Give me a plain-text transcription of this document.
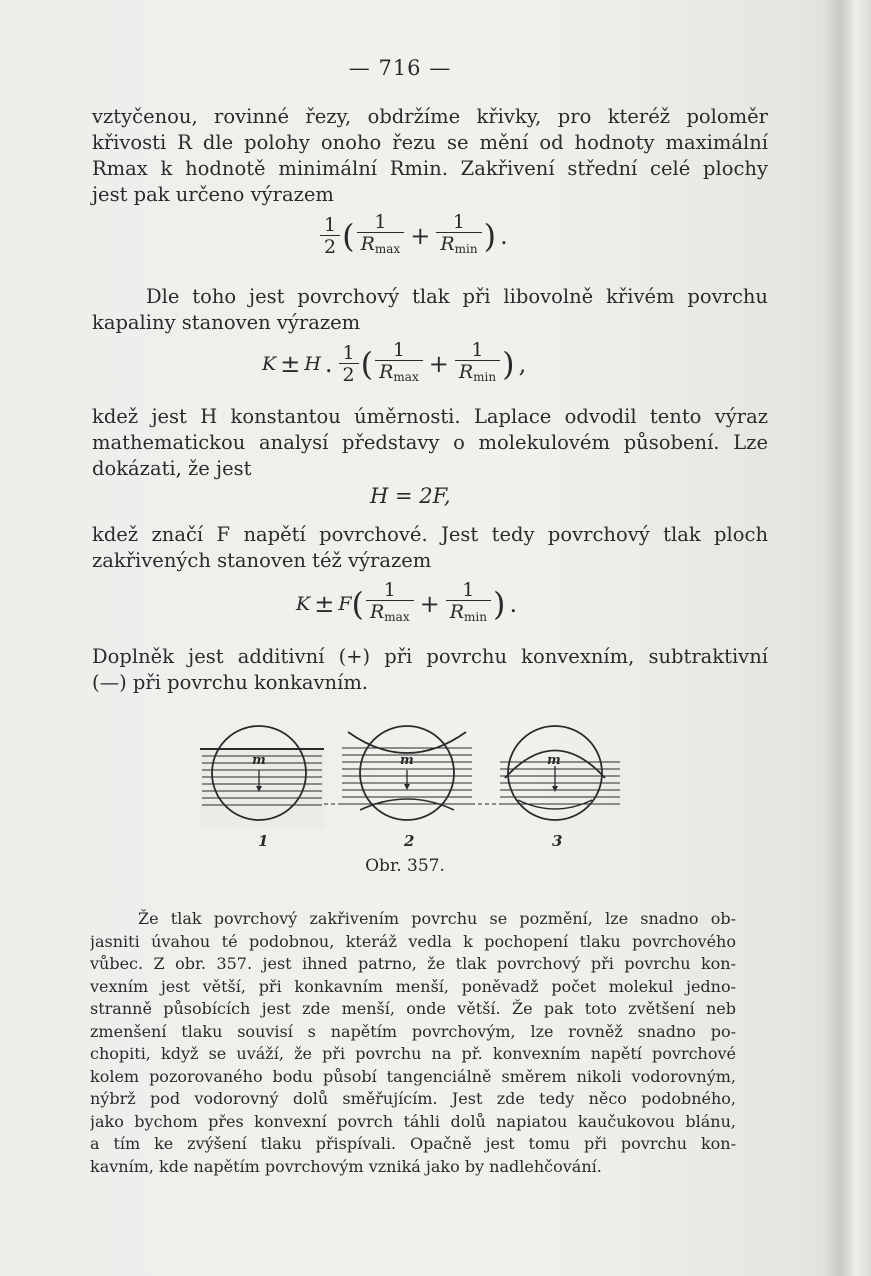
— 716 —
vztyčenou, rovinné řezy, obdržíme křivky, pro kteréž poloměr
křivosti R dle polohy onoho řezu se mění od hodnoty maximální
Rmax k hodnotě minimální Rmin. Zakřivení střední celé plochy
jest pak určeno výrazem
$\frac{1}{2}$ ( $\frac{1}{R_{max}} + \frac{1}{R_{min}}$ ) .
Dle toho jest povrchový tlak při libovolně křivém povrchu
kapaliny stanoven výrazem
K ± H . $\frac{1}{2}$ ( $\frac{1}{R_{max}} + \frac{1}{R_{min}}$ ) ,
kdež jest H konstantou úměrnosti. Laplace odvodil tento výraz
mathematickou analysí představy o molekulovém působení. Lze
dokázati, že jest
H = 2F,
kdež značí F napětí povrchové. Jest tedy povrchový tlak ploch
zakřivených stanoven též výrazem
$K \pm F( \frac{1}{R_{max}} + \frac{1}{R_{min}}$ ) .
Doplněk jest additivní (+) při povrchu konvexním, subtraktivní
(—) při povrchu konkavním.
m	m	m
1	2	3
Obr. 357.
Že tlak povrchový zakřivením povrchu se pozmění, lze snadno ob-
jasniti úvahou té podobnou, kteráž vedla k pochopení tlaku povrchového
vůbec. Z obr. 357. jest ihned patrno, že tlak povrchový při povrchu kon-
vexním jest větší, při konkavním menší, poněvadž počet molekul jedno-
stranně působících jest zde menší, onde větší. Že pak toto zvětšení neb
zmenšení tlaku souvisí s napětím povrchovým, lze rovněž snadno po-
chopiti, když se uváží, že při povrchu na př. konvexním napětí povrchové
kolem pozorovaného bodu působí tangenciálně směrem nikoli vodorovným,
nýbrž pod vodorovný dolů směřujícím. Jest zde tedy něco podobného,
jako bychom přes konvexní povrch táhli dolů napiatou kaučukovou blánu,
a tím ke zvýšení tlaku přispívali. Opačně jest tomu při povrchu kon-
kavním, kde napětím povrchovým vzniká jako by nadlehčování.
